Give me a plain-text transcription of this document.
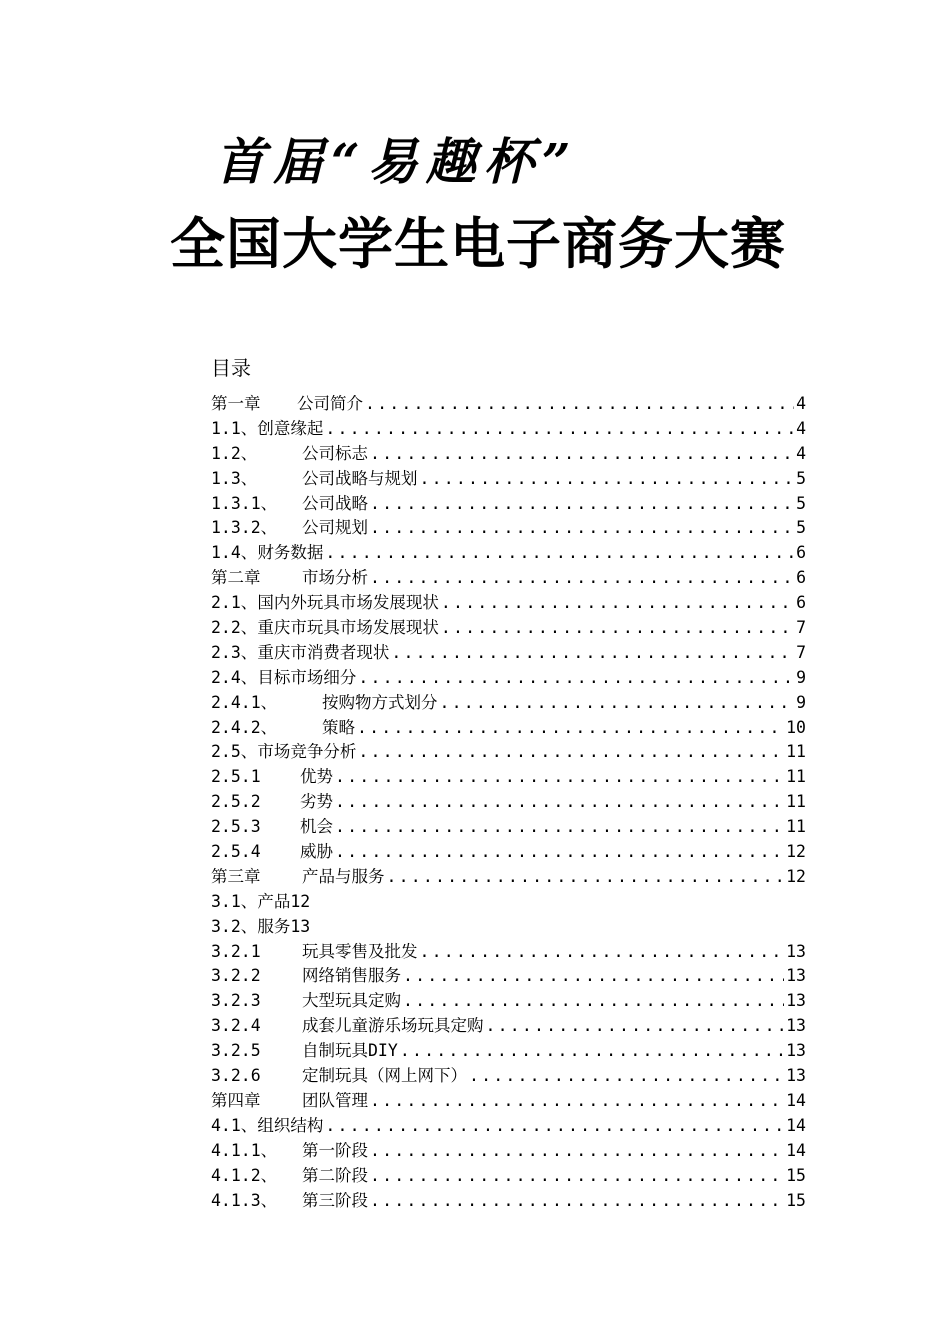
首届“易趣杯”
全国大学生电子商务大赛
目录
第一章	公司简介 .....	4
1.1、 创意缘起 .....	4
1.2、	公司标志 .....	4
1.3、	公司战略与规划 .....	5
1.3.1、	公司战略 .....	5
1.3.2、	公司规划 .....	5
1.4、 财务数据 .....	6
第二章	市场分析 .....	6
2.1、 国内外玩具市场发展现状 .....	6
2.2、 重庆市玩具市场发展现状 .....	7
2.3、 重庆市消费者现状 .....	7
2.4、 目标市场细分 .....	9
2.4.1、	按购物方式划分 .....	9
2.4.2、	策略 .....	10
2.5、 市场竞争分析 .....	11
2.5.1	优势 .....	11
2.5.2	劣势 .....	11
2.5.3	机会 .....	11
2.5.4	威胁 .....	12
第三章	产品与服务 .....	12
3.1、 产品 12
3.2、 服务 13
3.2.1	玩具零售及批发 .....	13
3.2.2	网络销售服务 .....	13
3.2.3	大型玩具定购 .....	13
3.2.4	成套儿童游乐场玩具定购 .....	13
3.2.5	自制玩具DIY .....	13
3.2.6	定制玩具（网上网下） .....	13
第四章	团队管理 .....	14
4.1、 组织结构 .....	14
4.1.1、	第一阶段 .....	14
4.1.2、	第二阶段 .....	15
4.1.3、	第三阶段 .....	15
